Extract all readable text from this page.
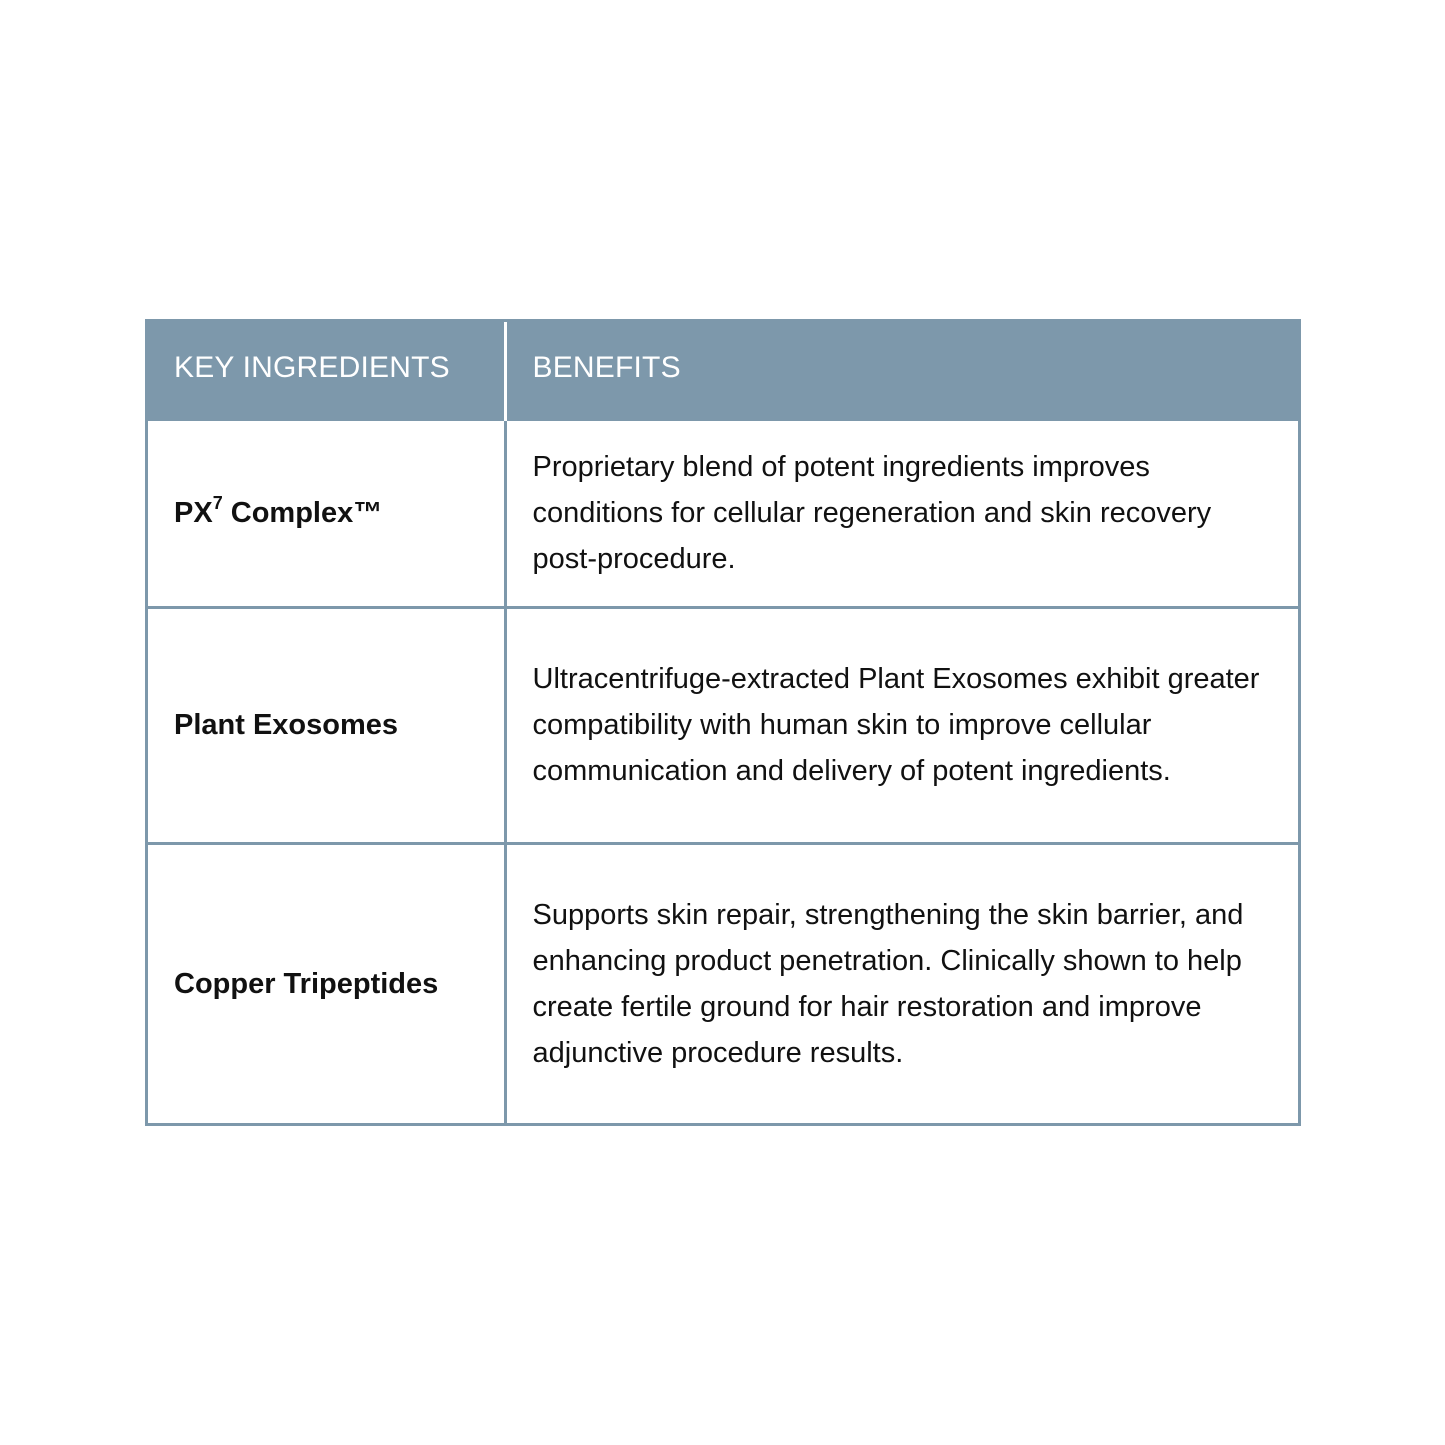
KEY INGREDIENTS	BENEFITS
$PX^7$ Complex™	Proprietary blend of potent ingredients improves conditions for cellular regeneration and skin recovery post-procedure.
Plant Exosomes	Ultracentrifuge-extracted Plant Exosomes exhibit greater compatibility with human skin to improve cellular communication and delivery of potent ingredients.
Copper Tripeptides	Supports skin repair, strengthening the skin barrier, and enhancing product penetration. Clinically shown to help create fertile ground for hair restoration and improve adjunctive procedure results.
